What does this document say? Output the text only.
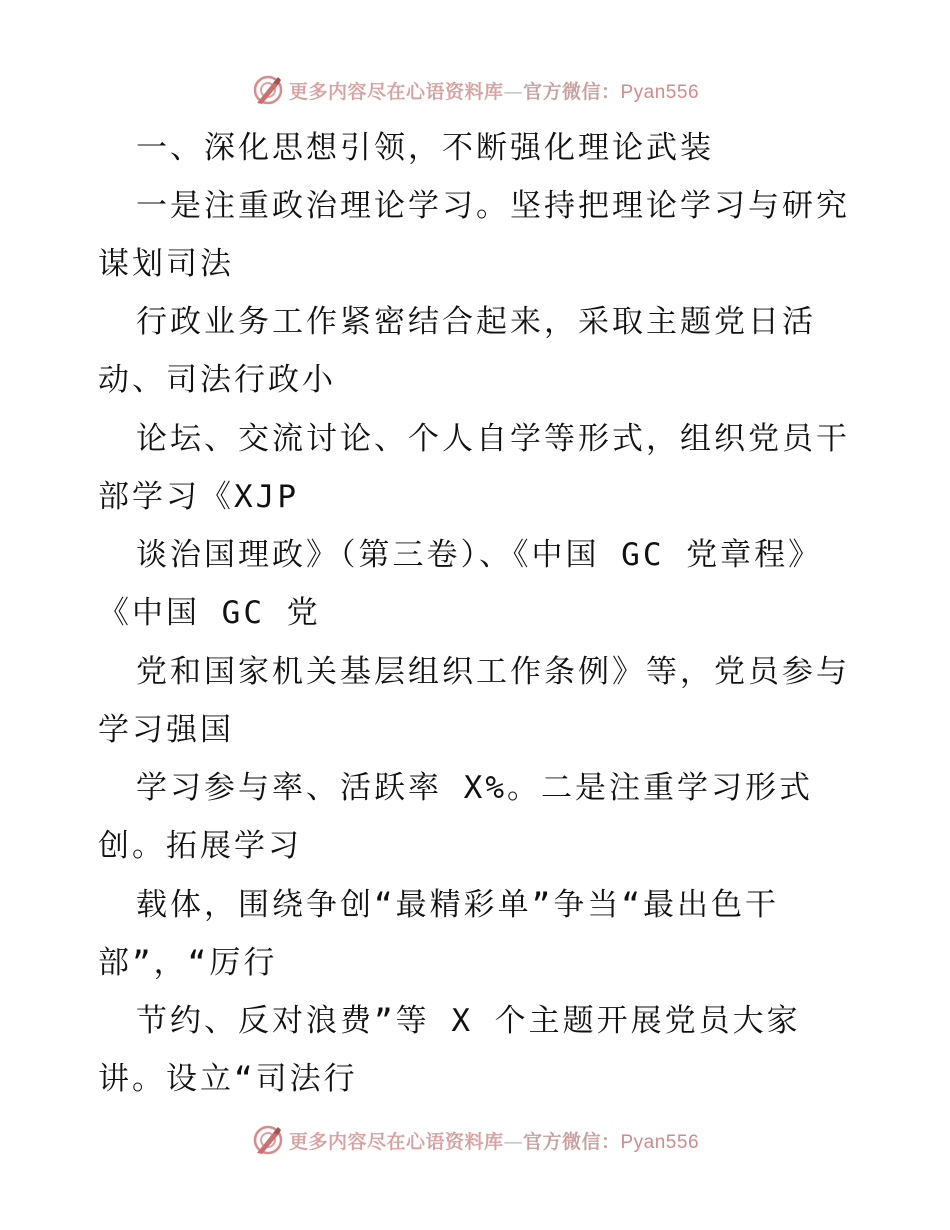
更多内容尽在心语资料库—官方微信：Pyan556
一、深化思想引领，不断强化理论武装
一是注重政治理论学习。坚持把理论学习与研究
谋划司法
行政业务工作紧密结合起来，采取主题党日活
动、司法行政小
论坛、交流讨论、个人自学等形式，组织党员干
部学习《XJP
谈治国理政》（第三卷）、《中国 GC 党章程》
《中国 GC 党
党和国家机关基层组织工作条例》等，党员参与
学习强国
学习参与率、活跃率 X%。二是注重学习形式
创。拓展学习
载体，围绕争创“最精彩单”争当“最出色干
部”，“厉行
节约、反对浪费”等 X 个主题开展党员大家
讲。设立“司法行
更多内容尽在心语资料库—官方微信：Pyan556
